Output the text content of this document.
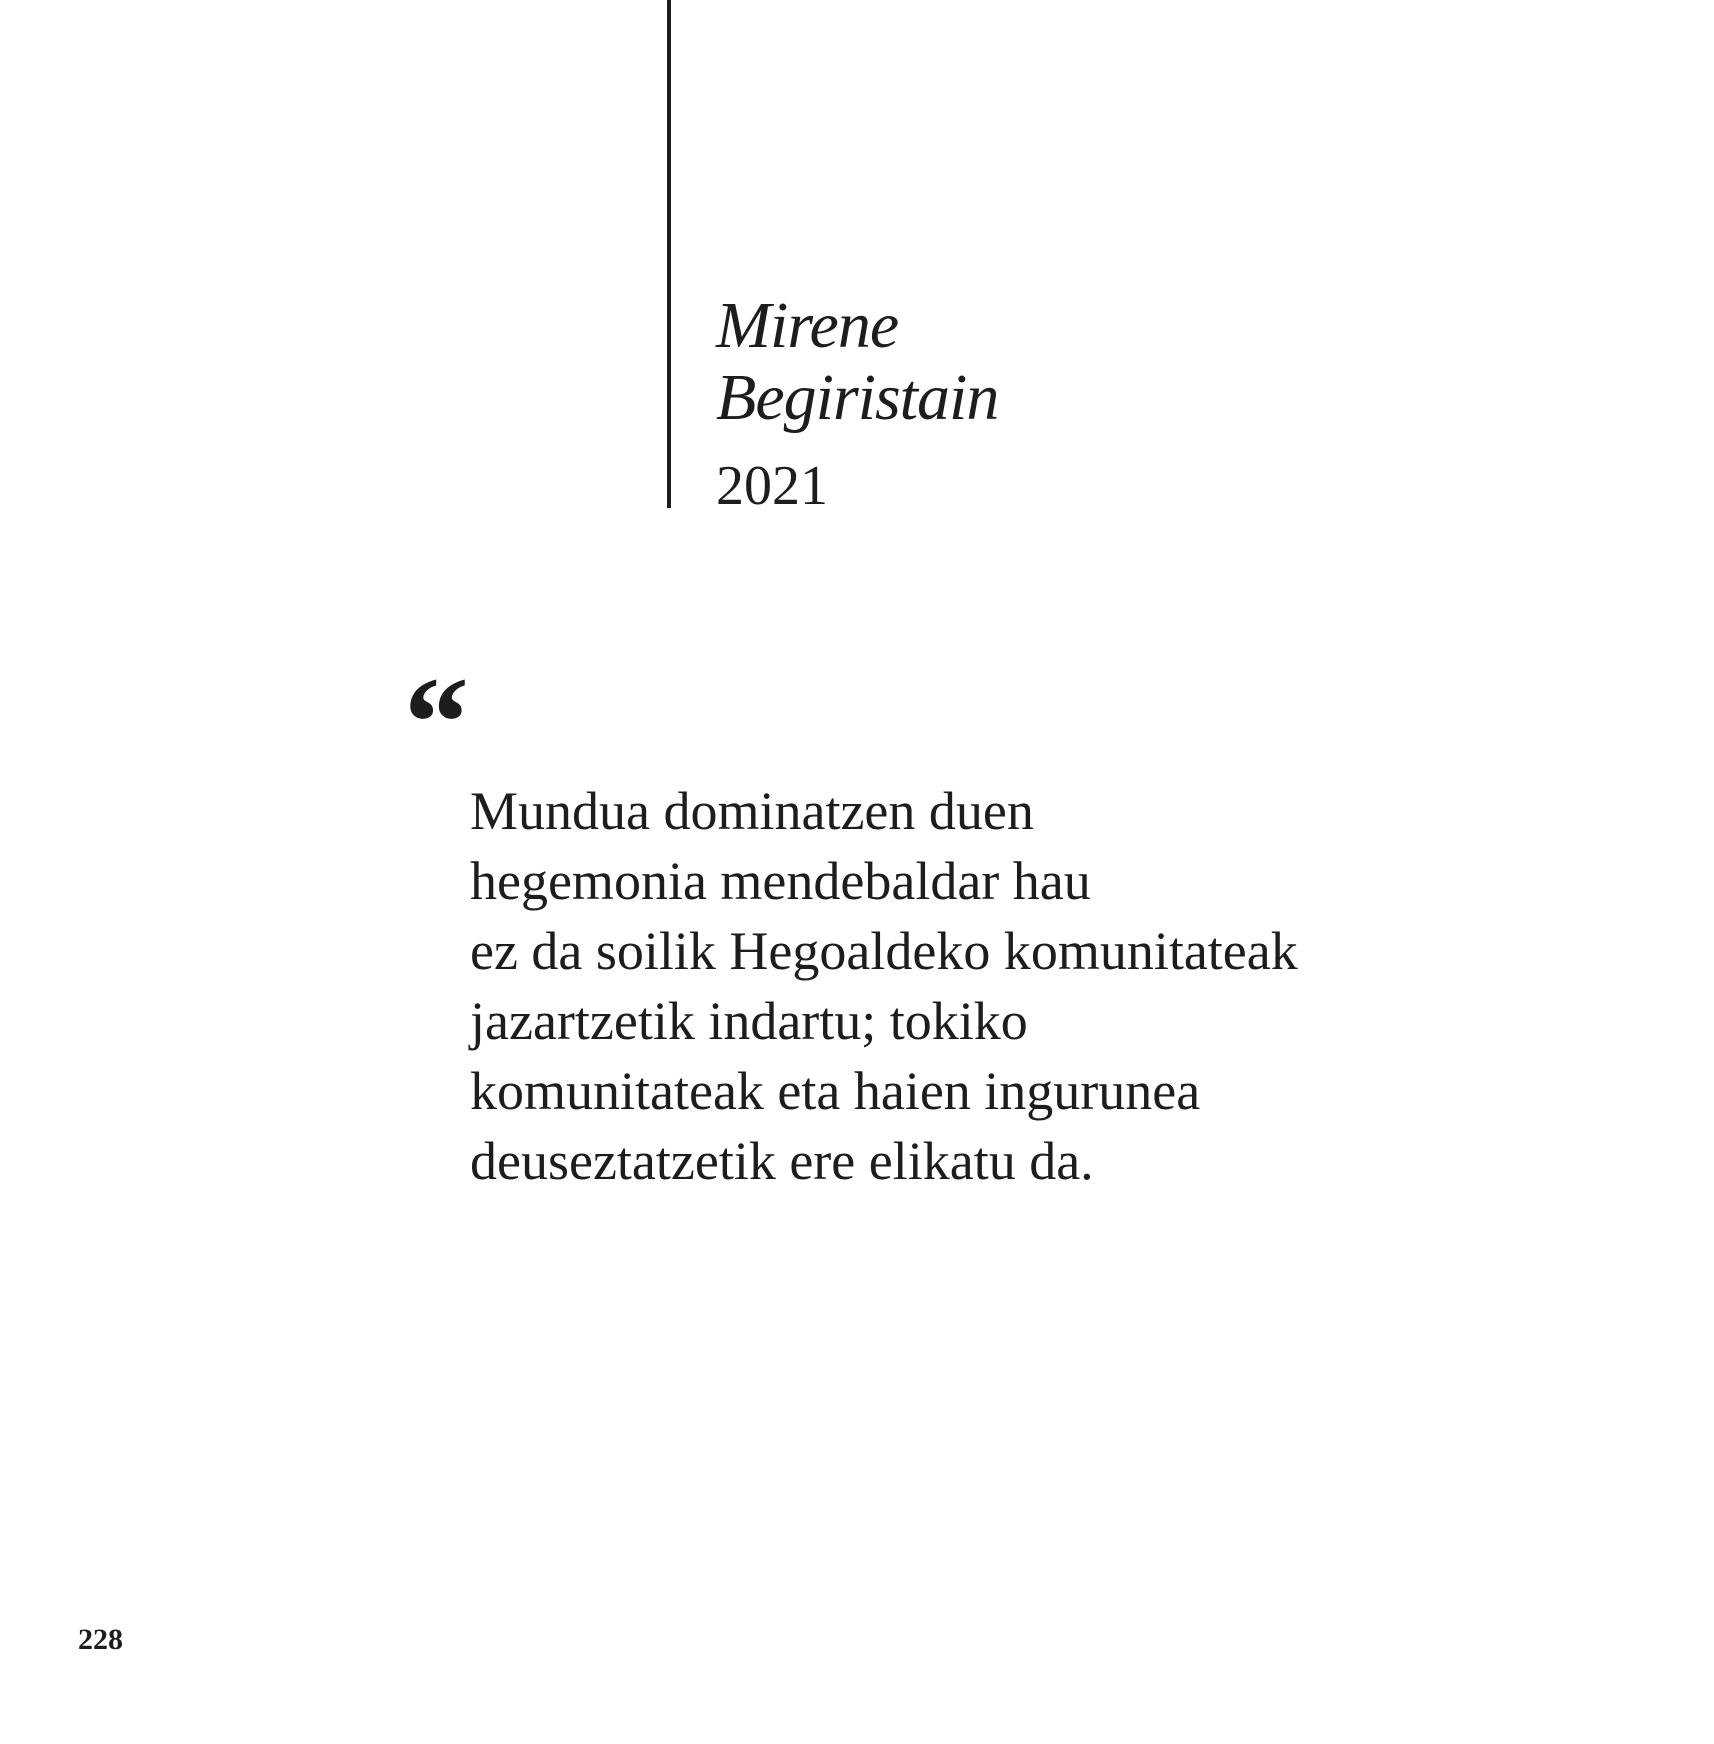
Mirene
Begiristain
2021
“
Mundua dominatzen duen
hegemonia mendebaldar hau
ez da soilik Hegoaldeko komunitateak
jazartzetik indartu; tokiko
komunitateak eta haien ingurunea
deuseztatzetik ere elikatu da.
228
